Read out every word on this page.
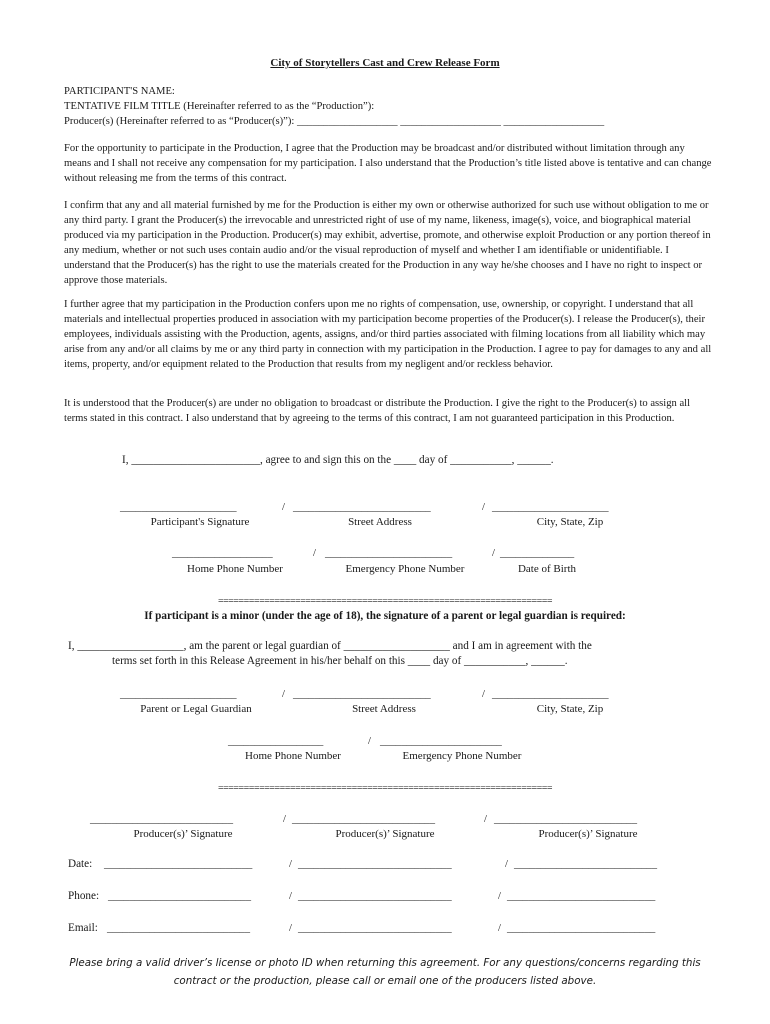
City of Storytellers Cast and Crew Release Form
PARTICIPANT'S NAME:
TENTATIVE FILM TITLE (Hereinafter referred to as the “Production”):
Producer(s) (Hereinafter referred to as “Producer(s)”): ___________________ ___________________ ___________________

For the opportunity to participate in the Production, I agree that the Production may be broadcast and/or distributed without limitation through any means and I shall not receive any compensation for my participation. I also understand that the Production’s title listed above is tentative and can change without releasing me from the terms of this contract.

I confirm that any and all material furnished by me for the Production is either my own or otherwise authorized for such use without obligation to me or any third party. I grant the Producer(s) the irrevocable and unrestricted right of use of my name, likeness, image(s), voice, and biographical material produced via my participation in the Production. Producer(s) may exhibit, advertise, promote, and otherwise exploit Production or any portion thereof in any medium, whether or not such uses contain audio and/or the visual reproduction of myself and whether I am identifiable or unidentifiable. I understand that the Producer(s) has the right to use the materials created for the Production in any way he/she chooses and I have no right to inspect or approve those materials.

I further agree that my participation in the Production confers upon me no rights of compensation, use, ownership, or copyright. I understand that all materials and intellectual properties produced in association with my participation become properties of the Producer(s). I release the Producer(s), their employees, individuals assisting with the Production, agents, assigns, and/or third parties associated with filming locations from all liability which may arise from any and/or all claims by me or any third party in connection with my participation in the Production. I agree to pay for damages to any and all items, property, and/or equipment related to the Production that results from my negligent and/or reckless behavior.

It is understood that the Producer(s) are under no obligation to broadcast or distribute the Production. I give the right to the Producer(s) to assign all terms stated in this contract. I also understand that by agreeing to the terms of this contract, I am not guaranteed participation in this Production.

I, _______________________, agree to and sign this on the ____ day of ___________, ______.
______________________	/ __________________________	/ ______________________
Participant's Signature	Street Address	City, State, Zip
___________________	/ ________________________	/ ______________
Home Phone Number	Emergency Phone Number	Date of Birth
=================================================================
If participant is a minor (under the age of 18), the signature of a parent or legal guardian is required:
I, ___________________, am the parent or legal guardian of ___________________ and I am in agreement with the
terms set forth in this Release Agreement in his/her behalf on this ____ day of ___________, ______.
______________________	/ __________________________	/ ______________________
Parent or Legal Guardian	Street Address	City, State, Zip
__________________	/ _______________________
Home Phone Number	Emergency Phone Number
=================================================================
___________________________	/ ___________________________	/ ___________________________
Producer(s)’ Signature	Producer(s)’ Signature	Producer(s)’ Signature
Date: ____________________________	/ _____________________________	/ ___________________________
Phone: ___________________________	/ _____________________________	/ ____________________________
Email: ___________________________	/ _____________________________	/ ____________________________
Please bring a valid driver’s license or photo ID when returning this agreement. For any questions/concerns regarding this contract or the production, please call or email one of the producers listed above.
